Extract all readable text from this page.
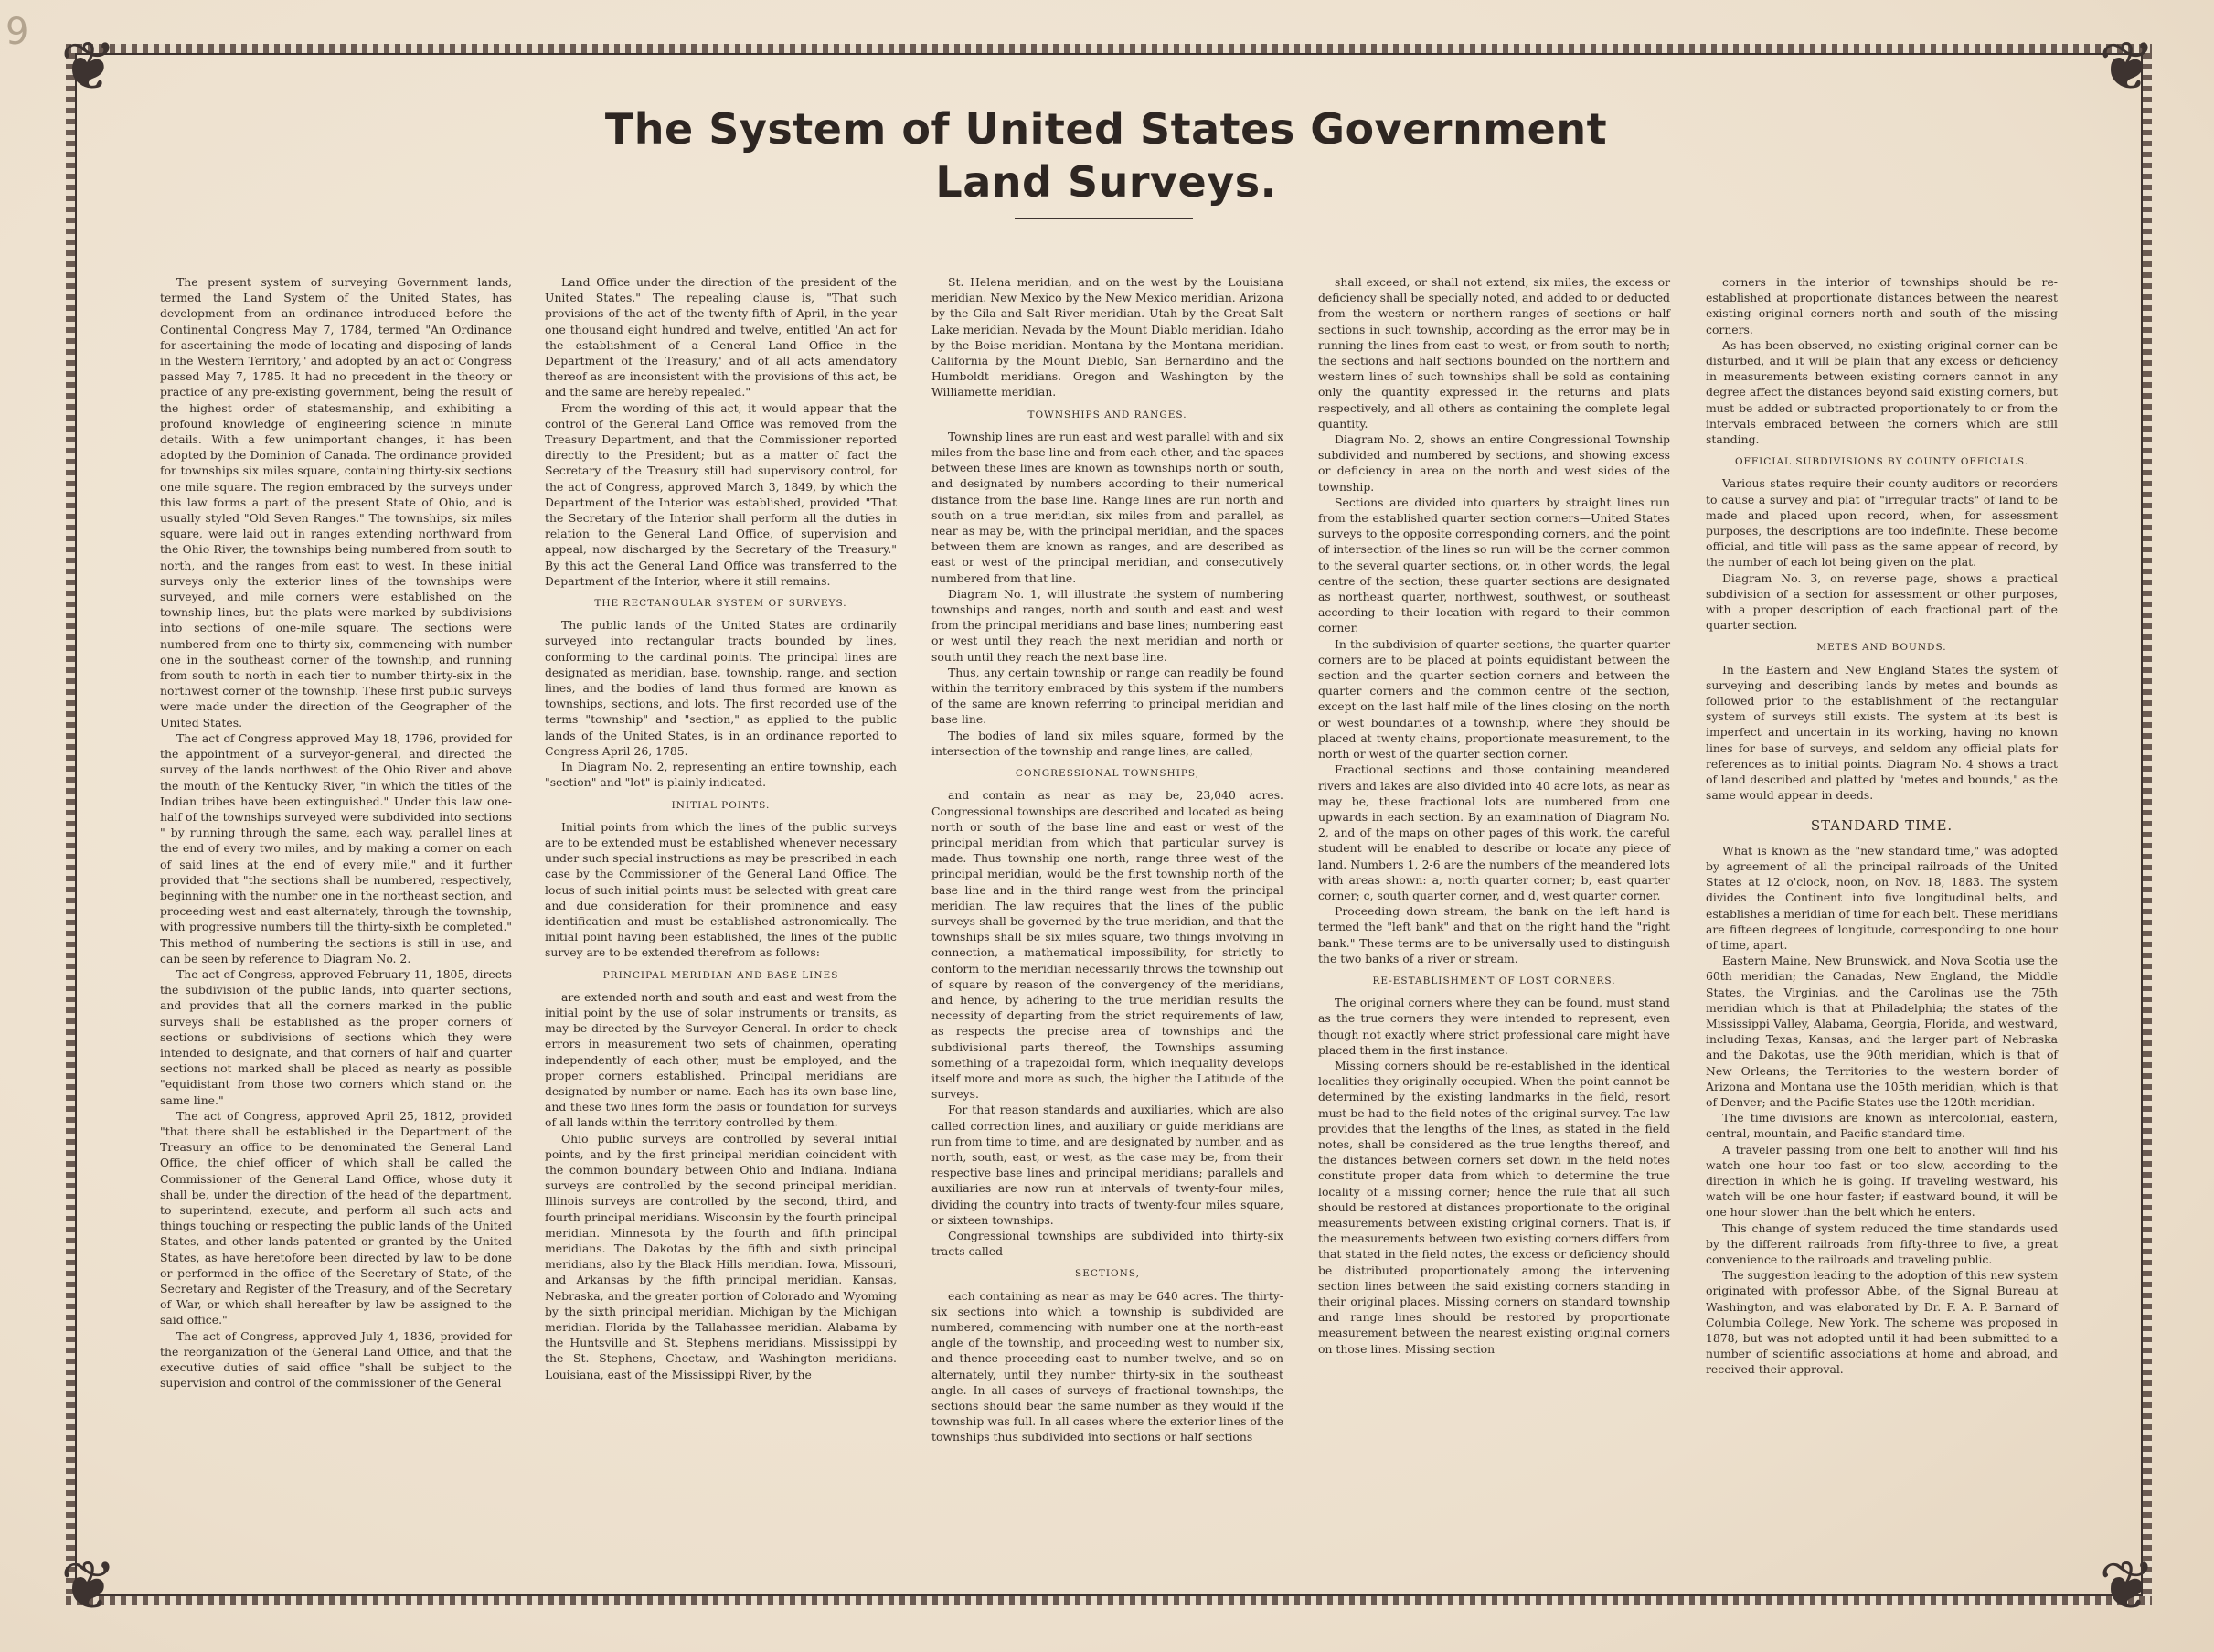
9 ❦	❦
❦	❦
The System of United States Government
Land Surveys.

The present system of surveying Government lands, termed the Land System of the United States, has development from an ordinance introduced before the Continental Congress May 7, 1784, termed "An Ordinance for ascertaining the mode of locating and disposing of lands in the Western Territory," and adopted by an act of Congress passed May 7, 1785. It had no precedent in the theory or practice of any pre-existing government, being the result of the highest order of statesmanship, and exhibiting a profound knowledge of engineering science in minute details. With a few unimportant changes, it has been adopted by the Dominion of Canada. The ordinance provided for townships six miles square, containing thirty-six sections one mile square. The region embraced by the surveys under this law forms a part of the present State of Ohio, and is usually styled "Old Seven Ranges." The townships, six miles square, were laid out in ranges extending northward from the Ohio River, the townships being numbered from south to north, and the ranges from east to west. In these initial surveys only the exterior lines of the townships were surveyed, and mile corners were established on the township lines, but the plats were marked by subdivisions into sections of one-mile square. The sections were numbered from one to thirty-six, commencing with number one in the southeast corner of the township, and running from south to north in each tier to number thirty-six in the northwest corner of the township. These first public surveys were made under the direction of the Geographer of the United States.

The act of Congress approved May 18, 1796, provided for the appointment of a surveyor-general, and directed the survey of the lands northwest of the Ohio River and above the mouth of the Kentucky River, "in which the titles of the Indian tribes have been extinguished." Under this law one-half of the townships surveyed were subdivided into sections " by running through the same, each way, parallel lines at the end of every two miles, and by making a corner on each of said lines at the end of every mile," and it further provided that "the sections shall be numbered, respectively, beginning with the number one in the northeast section, and proceeding west and east alternately, through the township, with progressive numbers till the thirty-sixth be completed." This method of numbering the sections is still in use, and can be seen by reference to Diagram No. 2.

The act of Congress, approved February 11, 1805, directs the subdivision of the public lands, into quarter sections, and provides that all the corners marked in the public surveys shall be established as the proper corners of sections or subdivisions of sections which they were intended to designate, and that corners of half and quarter sections not marked shall be placed as nearly as possible "equidistant from those two corners which stand on the same line."

The act of Congress, approved April 25, 1812, provided "that there shall be established in the Department of the Treasury an office to be denominated the General Land Office, the chief officer of which shall be called the Commissioner of the General Land Office, whose duty it shall be, under the direction of the head of the department, to superintend, execute, and perform all such acts and things touching or respecting the public lands of the United States, and other lands patented or granted by the United States, as have heretofore been directed by law to be done or performed in the office of the Secretary of State, of the Secretary and Register of the Treasury, and of the Secretary of War, or which shall hereafter by law be assigned to the said office."

The act of Congress, approved July 4, 1836, provided for the reorganization of the General Land Office, and that the executive duties of said office "shall be subject to the supervision and control of the commissioner of the General

Land Office under the direction of the president of the United States." The repealing clause is, "That such provisions of the act of the twenty-fifth of April, in the year one thousand eight hundred and twelve, entitled 'An act for the establishment of a General Land Office in the Department of the Treasury,' and of all acts amendatory thereof as are inconsistent with the provisions of this act, be and the same are hereby repealed."

From the wording of this act, it would appear that the control of the General Land Office was removed from the Treasury Department, and that the Commissioner reported directly to the President; but as a matter of fact the Secretary of the Treasury still had supervisory control, for the act of Congress, approved March 3, 1849, by which the Department of the Interior was established, provided "That the Secretary of the Interior shall perform all the duties in relation to the General Land Office, of supervision and appeal, now discharged by the Secretary of the Treasury." By this act the General Land Office was transferred to the Department of the Interior, where it still remains.

THE RECTANGULAR SYSTEM OF SURVEYS.

The public lands of the United States are ordinarily surveyed into rectangular tracts bounded by lines, conforming to the cardinal points. The principal lines are designated as meridian, base, township, range, and section lines, and the bodies of land thus formed are known as townships, sections, and lots. The first recorded use of the terms "township" and "section," as applied to the public lands of the United States, is in an ordinance reported to Congress April 26, 1785.

In Diagram No. 2, representing an entire township, each "section" and "lot" is plainly indicated.

INITIAL POINTS.

Initial points from which the lines of the public surveys are to be extended must be established whenever necessary under such special instructions as may be prescribed in each case by the Commissioner of the General Land Office. The locus of such initial points must be selected with great care and due consideration for their prominence and easy identification and must be established astronomically. The initial point having been established, the lines of the public survey are to be extended therefrom as follows:

PRINCIPAL MERIDIAN AND BASE LINES

are extended north and south and east and west from the initial point by the use of solar instruments or transits, as may be directed by the Surveyor General. In order to check errors in measurement two sets of chainmen, operating independently of each other, must be employed, and the proper corners established. Principal meridians are designated by number or name. Each has its own base line, and these two lines form the basis or foundation for surveys of all lands within the territory controlled by them.

Ohio public surveys are controlled by several initial points, and by the first principal meridian coincident with the common boundary between Ohio and Indiana. Indiana surveys are controlled by the second principal meridian. Illinois surveys are controlled by the second, third, and fourth principal meridians. Wisconsin by the fourth principal meridian. Minnesota by the fourth and fifth principal meridians. The Dakotas by the fifth and sixth principal meridians, also by the Black Hills meridian. Iowa, Missouri, and Arkansas by the fifth principal meridian. Kansas, Nebraska, and the greater portion of Colorado and Wyoming by the sixth principal meridian. Michigan by the Michigan meridian. Florida by the Tallahassee meridian. Alabama by the Huntsville and St. Stephens meridians. Mississippi by the St. Stephens, Choctaw, and Washington meridians. Louisiana, east of the Mississippi River, by the

St. Helena meridian, and on the west by the Louisiana meridian. New Mexico by the New Mexico meridian. Arizona by the Gila and Salt River meridian. Utah by the Great Salt Lake meridian. Nevada by the Mount Diablo meridian. Idaho by the Boise meridian. Montana by the Montana meridian. California by the Mount Dieblo, San Bernardino and the Humboldt meridians. Oregon and Washington by the Williamette meridian.

TOWNSHIPS AND RANGES.

Township lines are run east and west parallel with and six miles from the base line and from each other, and the spaces between these lines are known as townships north or south, and designated by numbers according to their numerical distance from the base line. Range lines are run north and south on a true meridian, six miles from and parallel, as near as may be, with the principal meridian, and the spaces between them are known as ranges, and are described as east or west of the principal meridian, and consecutively numbered from that line.

Diagram No. 1, will illustrate the system of numbering townships and ranges, north and south and east and west from the principal meridians and base lines; numbering east or west until they reach the next meridian and north or south until they reach the next base line.

Thus, any certain township or range can readily be found within the territory embraced by this system if the numbers of the same are known referring to principal meridian and base line.

The bodies of land six miles square, formed by the intersection of the township and range lines, are called,

CONGRESSIONAL TOWNSHIPS,

and contain as near as may be, 23,040 acres. Congressional townships are described and located as being north or south of the base line and east or west of the principal meridian from which that particular survey is made. Thus township one north, range three west of the principal meridian, would be the first township north of the base line and in the third range west from the principal meridian. The law requires that the lines of the public surveys shall be governed by the true meridian, and that the townships shall be six miles square, two things involving in connection, a mathematical impossibility, for strictly to conform to the meridian necessarily throws the township out of square by reason of the convergency of the meridians, and hence, by adhering to the true meridian results the necessity of departing from the strict requirements of law, as respects the precise area of townships and the subdivisional parts thereof, the Townships assuming something of a trapezoidal form, which inequality develops itself more and more as such, the higher the Latitude of the surveys.

For that reason standards and auxiliaries, which are also called correction lines, and auxiliary or guide meridians are run from time to time, and are designated by number, and as north, south, east, or west, as the case may be, from their respective base lines and principal meridians; parallels and auxiliaries are now run at intervals of twenty-four miles, dividing the country into tracts of twenty-four miles square, or sixteen townships.

Congressional townships are subdivided into thirty-six tracts called

SECTIONS,

each containing as near as may be 640 acres. The thirty-six sections into which a township is subdivided are numbered, commencing with number one at the north-east angle of the township, and proceeding west to number six, and thence proceeding east to number twelve, and so on alternately, until they number thirty-six in the southeast angle. In all cases of surveys of fractional townships, the sections should bear the same number as they would if the township was full. In all cases where the exterior lines of the townships thus subdivided into sections or half sections

shall exceed, or shall not extend, six miles, the excess or deficiency shall be specially noted, and added to or deducted from the western or northern ranges of sections or half sections in such township, according as the error may be in running the lines from east to west, or from south to north; the sections and half sections bounded on the northern and western lines of such townships shall be sold as containing only the quantity expressed in the returns and plats respectively, and all others as containing the complete legal quantity.

Diagram No. 2, shows an entire Congressional Township subdivided and numbered by sections, and showing excess or deficiency in area on the north and west sides of the township.

Sections are divided into quarters by straight lines run from the established quarter section corners—United States surveys to the opposite corresponding corners, and the point of intersection of the lines so run will be the corner common to the several quarter sections, or, in other words, the legal centre of the section; these quarter sections are designated as northeast quarter, northwest, southwest, or southeast according to their location with regard to their common corner.

In the subdivision of quarter sections, the quarter quarter corners are to be placed at points equidistant between the section and the quarter section corners and between the quarter corners and the common centre of the section, except on the last half mile of the lines closing on the north or west boundaries of a township, where they should be placed at twenty chains, proportionate measurement, to the north or west of the quarter section corner.

Fractional sections and those containing meandered rivers and lakes are also divided into 40 acre lots, as near as may be, these fractional lots are numbered from one upwards in each section. By an examination of Diagram No. 2, and of the maps on other pages of this work, the careful student will be enabled to describe or locate any piece of land. Numbers 1, 2-6 are the numbers of the meandered lots with areas shown: a, north quarter corner; b, east quarter corner; c, south quarter corner, and d, west quarter corner.

Proceeding down stream, the bank on the left hand is termed the "left bank" and that on the right hand the "right bank." These terms are to be universally used to distinguish the two banks of a river or stream.

RE-ESTABLISHMENT OF LOST CORNERS.

The original corners where they can be found, must stand as the true corners they were intended to represent, even though not exactly where strict professional care might have placed them in the first instance.

Missing corners should be re-established in the identical localities they originally occupied. When the point cannot be determined by the existing landmarks in the field, resort must be had to the field notes of the original survey. The law provides that the lengths of the lines, as stated in the field notes, shall be considered as the true lengths thereof, and the distances between corners set down in the field notes constitute proper data from which to determine the true locality of a missing corner; hence the rule that all such should be restored at distances proportionate to the original measurements between existing original corners. That is, if the measurements between two existing corners differs from that stated in the field notes, the excess or deficiency should be distributed proportionately among the intervening section lines between the said existing corners standing in their original places. Missing corners on standard township and range lines should be restored by proportionate measurement between the nearest existing original corners on those lines. Missing section

corners in the interior of townships should be re-established at proportionate distances between the nearest existing original corners north and south of the missing corners.

As has been observed, no existing original corner can be disturbed, and it will be plain that any excess or deficiency in measurements between existing corners cannot in any degree affect the distances beyond said existing corners, but must be added or subtracted proportionately to or from the intervals embraced between the corners which are still standing.

OFFICIAL SUBDIVISIONS BY COUNTY OFFICIALS.

Various states require their county auditors or recorders to cause a survey and plat of "irregular tracts" of land to be made and placed upon record, when, for assessment purposes, the descriptions are too indefinite. These become official, and title will pass as the same appear of record, by the number of each lot being given on the plat.

Diagram No. 3, on reverse page, shows a practical subdivision of a section for assessment or other purposes, with a proper description of each fractional part of the quarter section.

METES AND BOUNDS.

In the Eastern and New England States the system of surveying and describing lands by metes and bounds as followed prior to the establishment of the rectangular system of surveys still exists. The system at its best is imperfect and uncertain in its working, having no known lines for base of surveys, and seldom any official plats for references as to initial points. Diagram No. 4 shows a tract of land described and platted by "metes and bounds," as the same would appear in deeds.

STANDARD TIME.

What is known as the "new standard time," was adopted by agreement of all the principal railroads of the United States at 12 o'clock, noon, on Nov. 18, 1883. The system divides the Continent into five longitudinal belts, and establishes a meridian of time for each belt. These meridians are fifteen degrees of longitude, corresponding to one hour of time, apart.

Eastern Maine, New Brunswick, and Nova Scotia use the 60th meridian; the Canadas, New England, the Middle States, the Virginias, and the Carolinas use the 75th meridian which is that at Philadelphia; the states of the Mississippi Valley, Alabama, Georgia, Florida, and westward, including Texas, Kansas, and the larger part of Nebraska and the Dakotas, use the 90th meridian, which is that of New Orleans; the Territories to the western border of Arizona and Montana use the 105th meridian, which is that of Denver; and the Pacific States use the 120th meridian.

The time divisions are known as intercolonial, eastern, central, mountain, and Pacific standard time.

A traveler passing from one belt to another will find his watch one hour too fast or too slow, according to the direction in which he is going. If traveling westward, his watch will be one hour faster; if eastward bound, it will be one hour slower than the belt which he enters.

This change of system reduced the time standards used by the different railroads from fifty-three to five, a great convenience to the railroads and traveling public.

The suggestion leading to the adoption of this new system originated with professor Abbe, of the Signal Bureau at Washington, and was elaborated by Dr. F. A. P. Barnard of Columbia College, New York. The scheme was proposed in 1878, but was not adopted until it had been submitted to a number of scientific associations at home and abroad, and received their approval.
